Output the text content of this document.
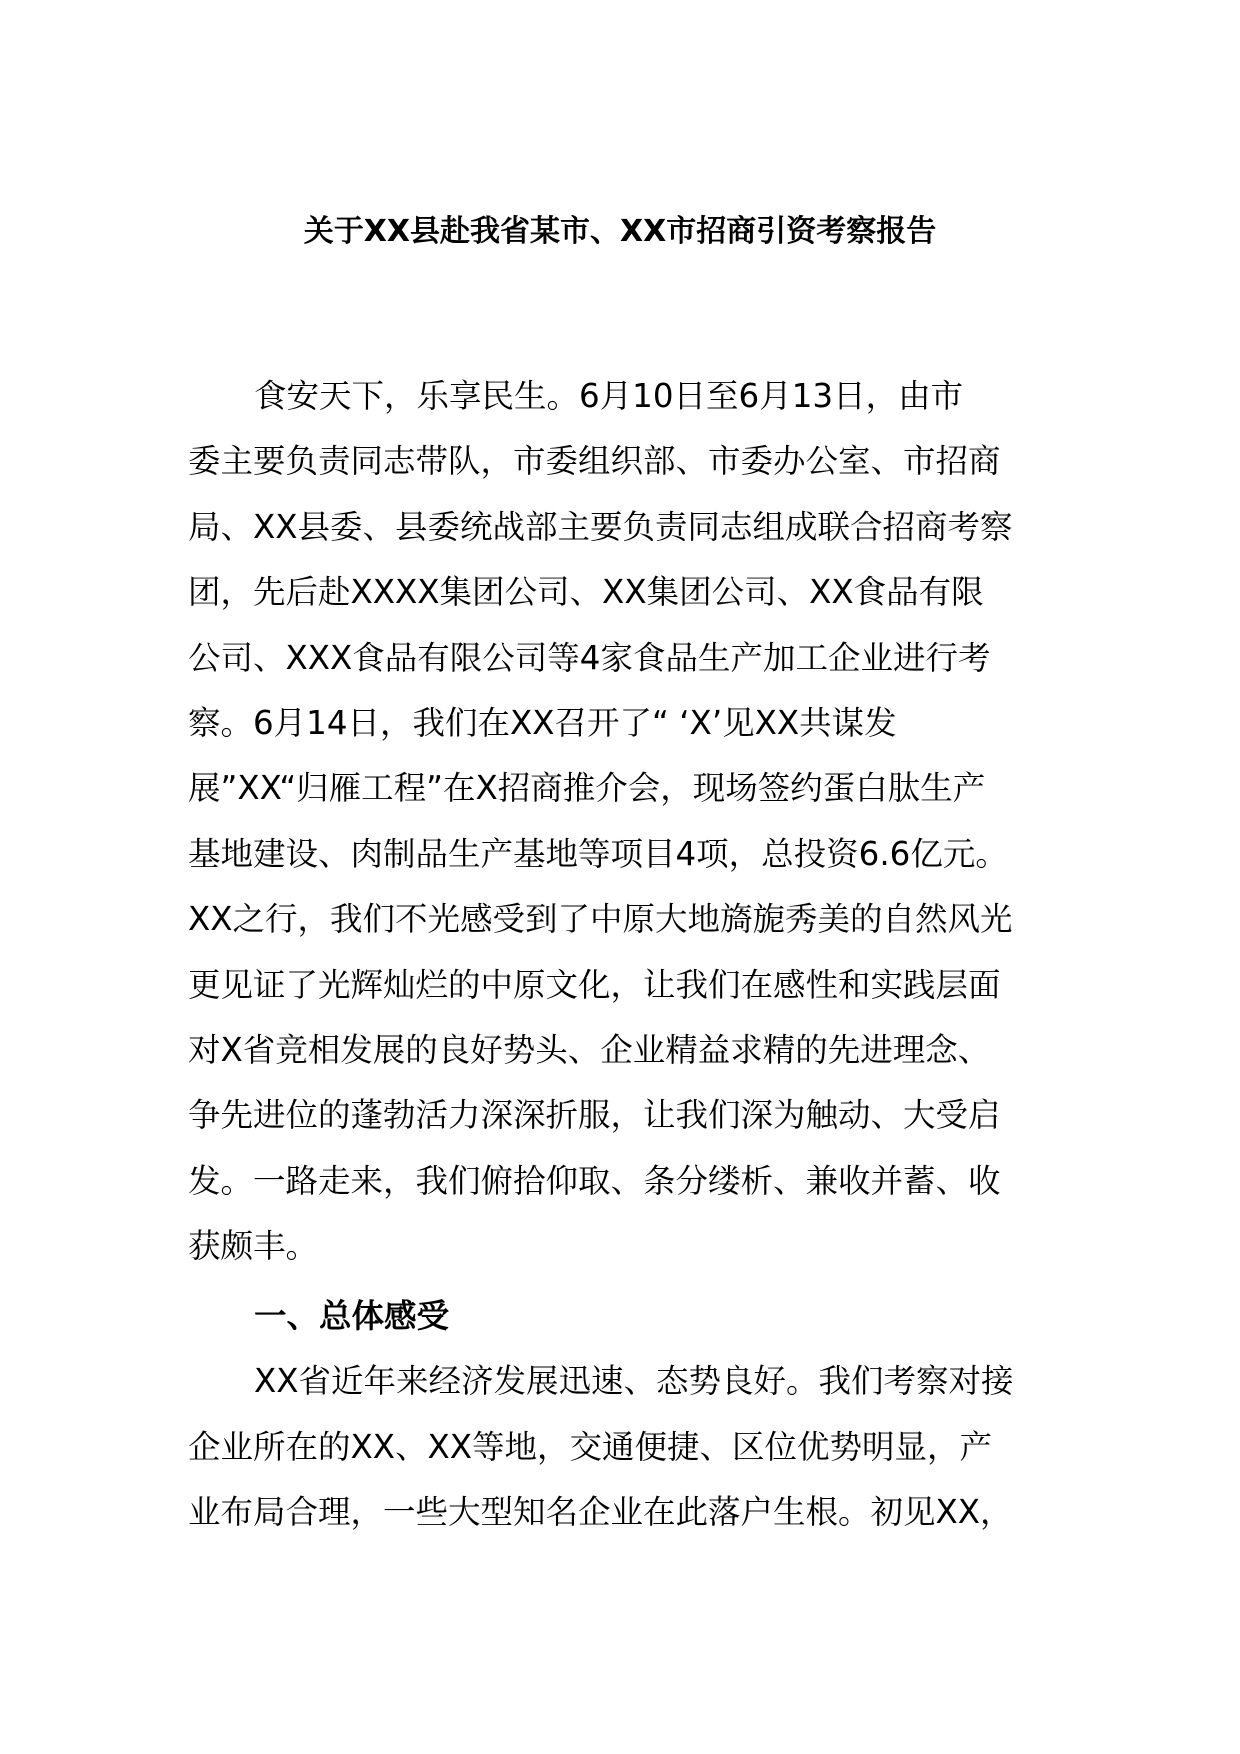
关于XX县赴我省某市、XX市招商引资考察报告
食安天下，乐享民生。6月10日至6月13日，由市
委主要负责同志带队，市委组织部、市委办公室、市招商
局、XX县委、县委统战部主要负责同志组成联合招商考察
团，先后赴XXXX集团公司、XX集团公司、XX食品有限
公司、XXX食品有限公司等4家食品生产加工企业进行考
察。6月14日，我们在XX召开了“ ‘X’见XX共谋发
展”XX“归雁工程”在X招商推介会，现场签约蛋白肽生产
基地建设、肉制品生产基地等项目4项，总投资6.6亿元。
XX之行，我们不光感受到了中原大地旖旎秀美的自然风光
更见证了光辉灿烂的中原文化，让我们在感性和实践层面
对X省竞相发展的良好势头、企业精益求精的先进理念、
争先进位的蓬勃活力深深折服，让我们深为触动、大受启
发。一路走来，我们俯拾仰取、条分缕析、兼收并蓄、收
获颇丰。
一、总体感受
XX省近年来经济发展迅速、态势良好。我们考察对接
企业所在的XX、XX等地，交通便捷、区位优势明显，产
业布局合理，一些大型知名企业在此落户生根。初见XX，
